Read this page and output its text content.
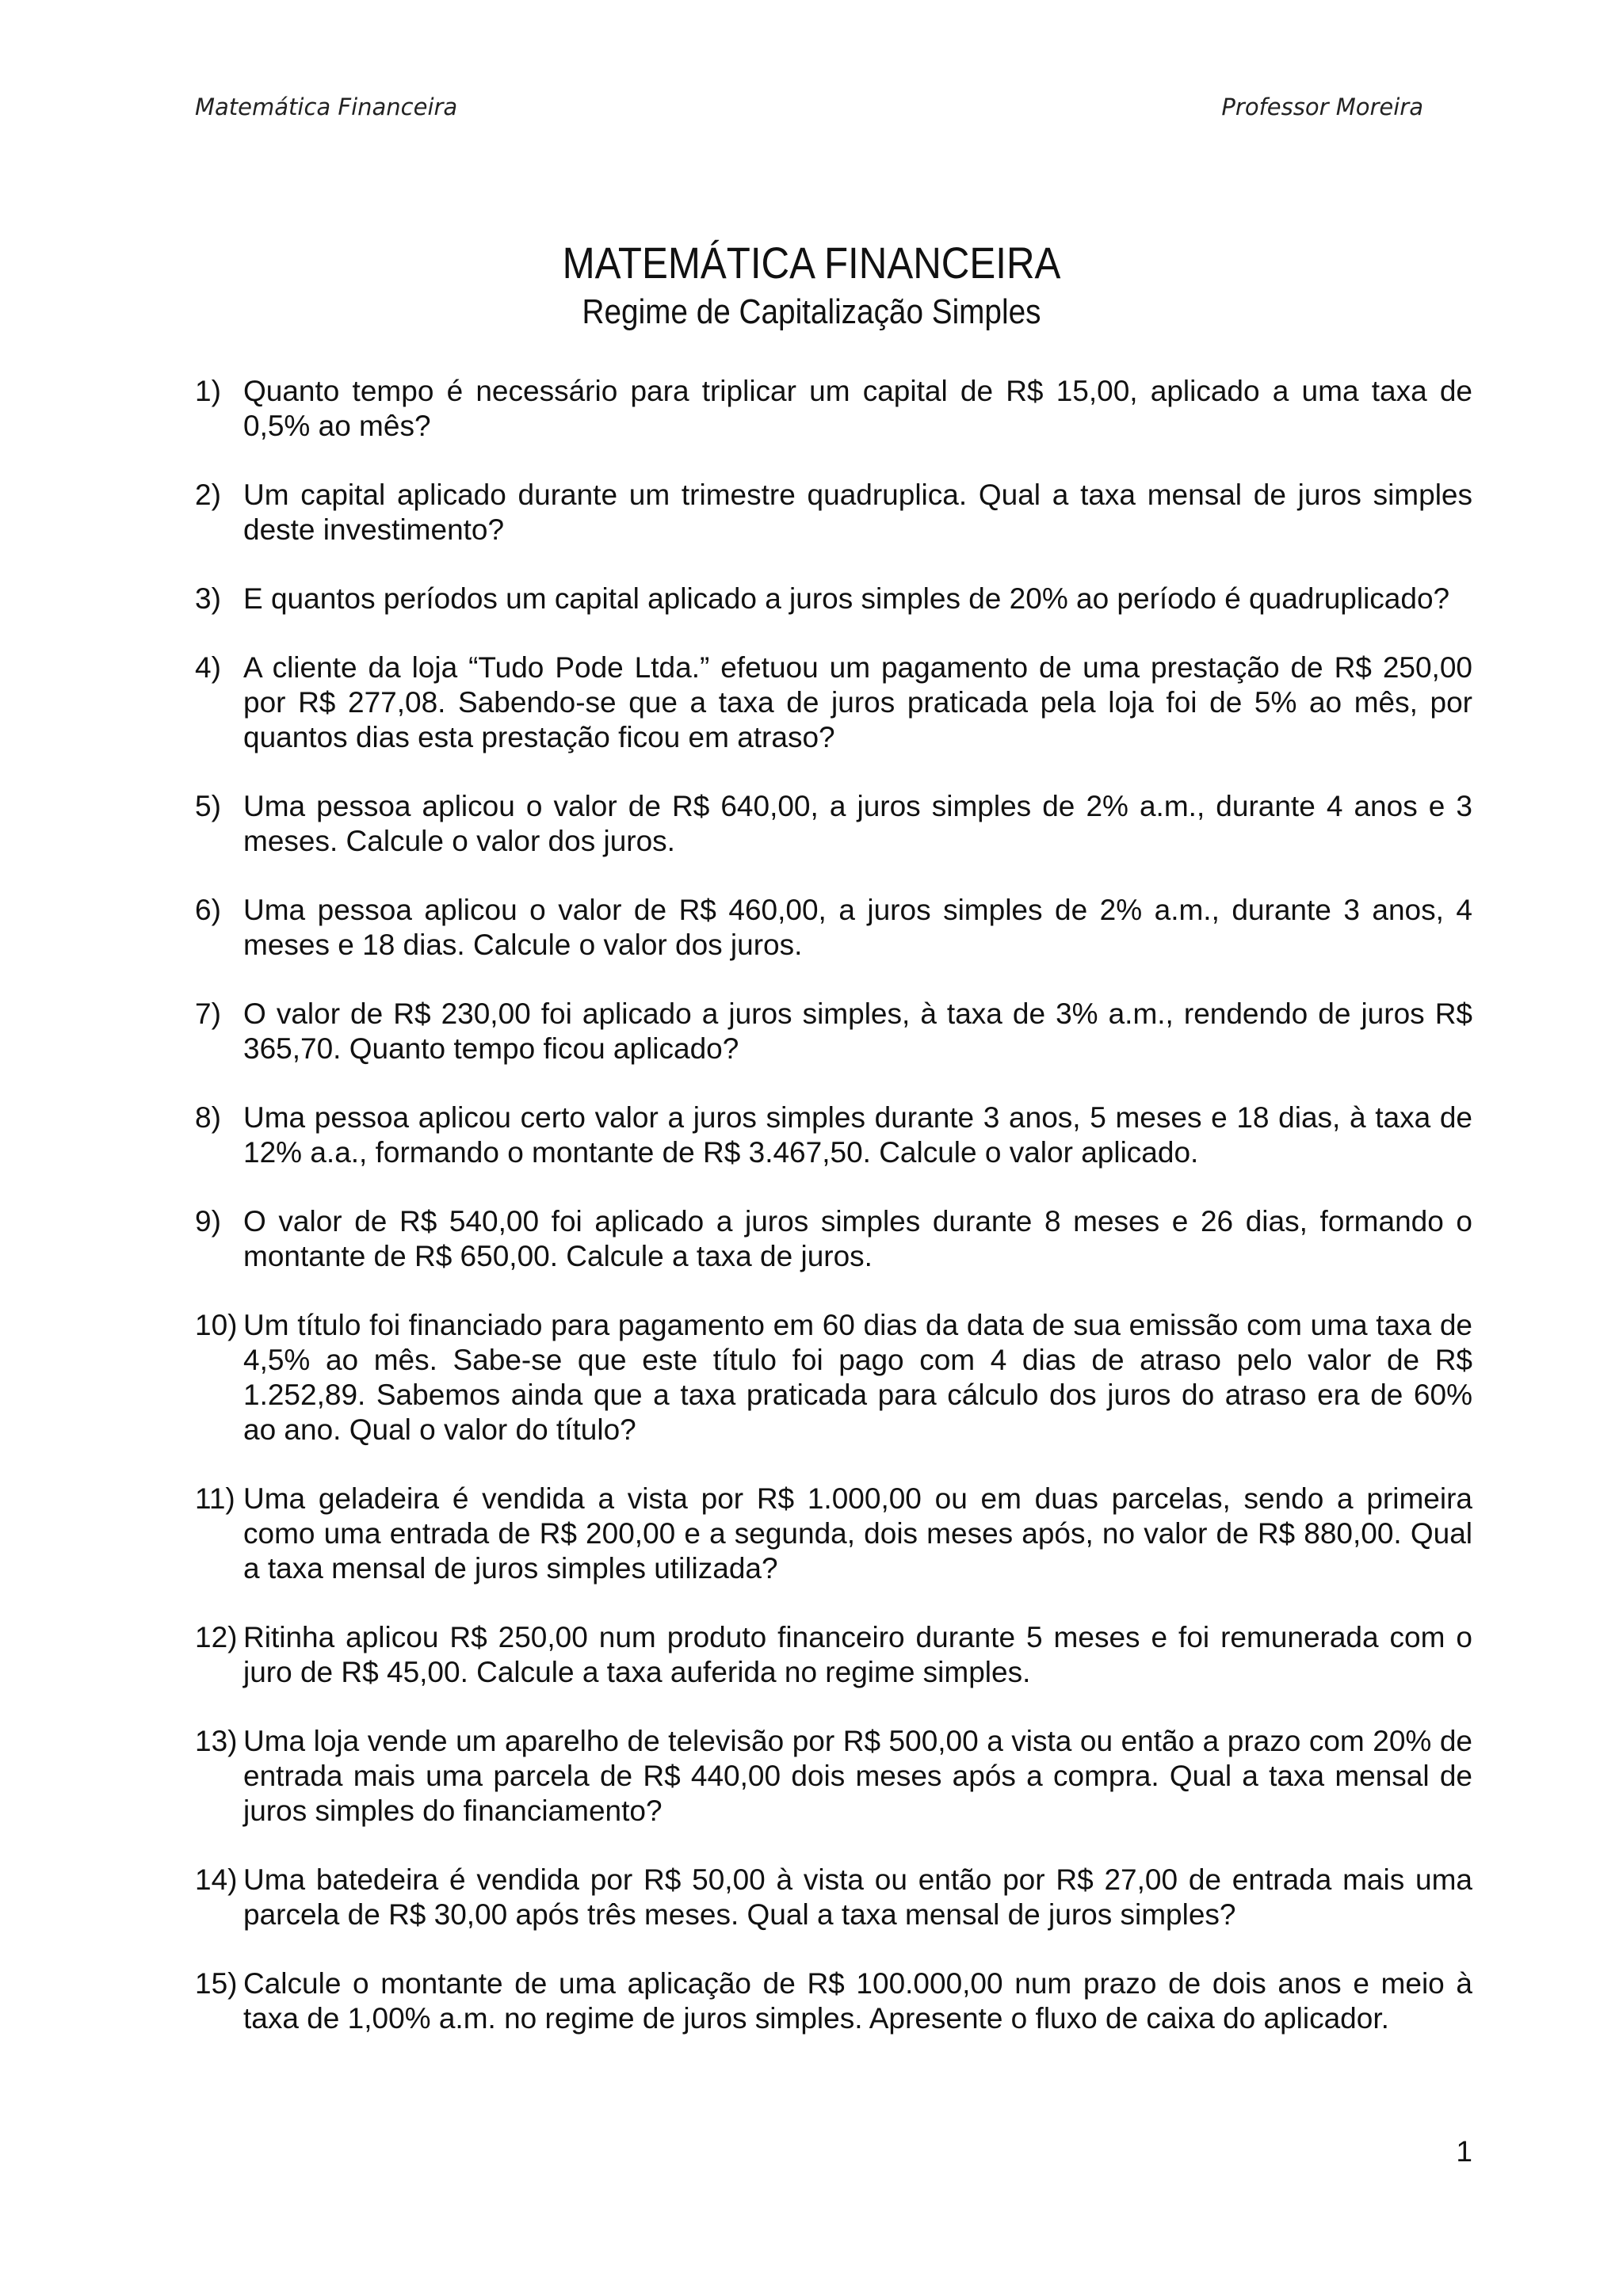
Matemática Financeira	Professor Moreira
MATEMÁTICA FINANCEIRA
Regime de Capitalização Simples
1) Quanto tempo é necessário para triplicar um capital de R$ 15,00, aplicado a uma taxa de 0,5% ao mês?
2) Um capital aplicado durante um trimestre quadruplica. Qual a taxa mensal de juros simples deste investimento?
3) E quantos períodos um capital aplicado a juros simples de 20% ao período é quadruplicado?
4) A cliente da loja “Tudo Pode Ltda.” efetuou um pagamento de uma prestação de R$ 250,00 por R$ 277,08. Sabendo-se que a taxa de juros praticada pela loja foi de 5% ao mês, por quantos dias esta prestação ficou em atraso?
5) Uma pessoa aplicou o valor de R$ 640,00, a juros simples de 2% a.m., durante 4 anos e 3 meses. Calcule o valor dos juros.
6) Uma pessoa aplicou o valor de R$ 460,00, a juros simples de 2% a.m., durante 3 anos, 4 meses e 18 dias. Calcule o valor dos juros.
7) O valor de R$ 230,00 foi aplicado a juros simples, à taxa de 3% a.m., rendendo de juros R$ 365,70. Quanto tempo ficou aplicado?
8) Uma pessoa aplicou certo valor a juros simples durante 3 anos, 5 meses e 18 dias, à taxa de 12% a.a., formando o montante de R$ 3.467,50. Calcule o valor aplicado.
9) O valor de R$ 540,00 foi aplicado a juros simples durante 8 meses e 26 dias, formando o montante de R$ 650,00. Calcule a taxa de juros.
10) Um título foi financiado para pagamento em 60 dias da data de sua emissão com uma taxa de 4,5% ao mês. Sabe-se que este título foi pago com 4 dias de atraso pelo valor de R$ 1.252,89. Sabemos ainda que a taxa praticada para cálculo dos juros do atraso era de 60% ao ano. Qual o valor do título?
11) Uma geladeira é vendida a vista por R$ 1.000,00 ou em duas parcelas, sendo a primeira como uma entrada de R$ 200,00 e a segunda, dois meses após, no valor de R$ 880,00. Qual a taxa mensal de juros simples utilizada?
12) Ritinha aplicou R$ 250,00 num produto financeiro durante 5 meses e foi remunerada com o juro de R$ 45,00. Calcule a taxa auferida no regime simples.
13) Uma loja vende um aparelho de televisão por R$ 500,00 a vista ou então a prazo com 20% de entrada mais uma parcela de R$ 440,00 dois meses após a compra. Qual a taxa mensal de juros simples do financiamento?
14) Uma batedeira é vendida por R$ 50,00 à vista ou então por R$ 27,00 de entrada mais uma parcela de R$ 30,00 após três meses. Qual a taxa mensal de juros simples?
15) Calcule o montante de uma aplicação de R$ 100.000,00 num prazo de dois anos e meio à taxa de 1,00% a.m. no regime de juros simples. Apresente o fluxo de caixa do aplicador.
1
